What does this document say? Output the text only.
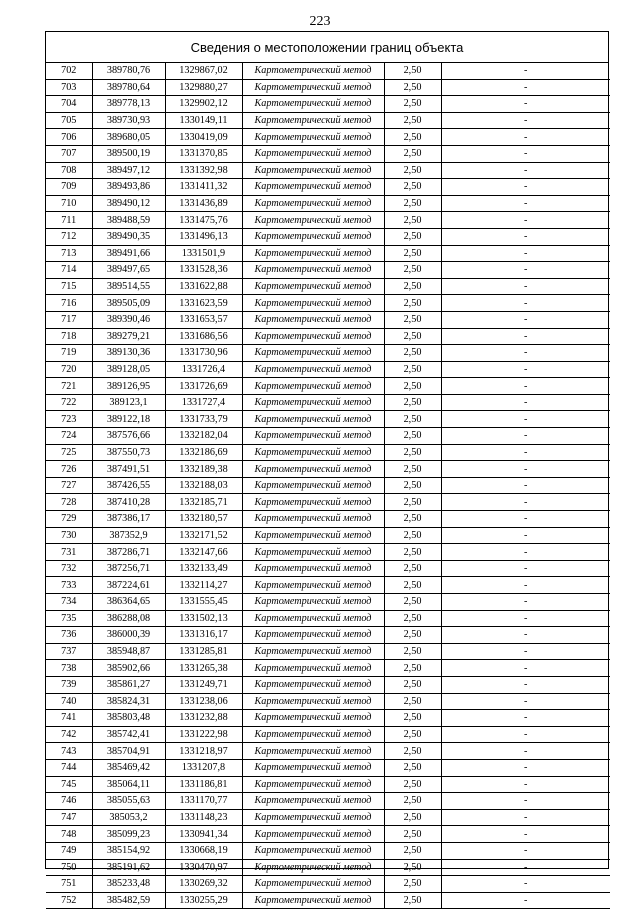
223
Сведения о местоположении границ объекта
702	389780,76	1329867,02	Картометрический метод	2,50	-
703	389780,64	1329880,27	Картометрический метод	2,50	-
704	389778,13	1329902,12	Картометрический метод	2,50	-
705	389730,93	1330149,11	Картометрический метод	2,50	-
706	389680,05	1330419,09	Картометрический метод	2,50	-
707	389500,19	1331370,85	Картометрический метод	2,50	-
708	389497,12	1331392,98	Картометрический метод	2,50	-
709	389493,86	1331411,32	Картометрический метод	2,50	-
710	389490,12	1331436,89	Картометрический метод	2,50	-
711	389488,59	1331475,76	Картометрический метод	2,50	-
712	389490,35	1331496,13	Картометрический метод	2,50	-
713	389491,66	1331501,9	Картометрический метод	2,50	-
714	389497,65	1331528,36	Картометрический метод	2,50	-
715	389514,55	1331622,88	Картометрический метод	2,50	-
716	389505,09	1331623,59	Картометрический метод	2,50	-
717	389390,46	1331653,57	Картометрический метод	2,50	-
718	389279,21	1331686,56	Картометрический метод	2,50	-
719	389130,36	1331730,96	Картометрический метод	2,50	-
720	389128,05	1331726,4	Картометрический метод	2,50	-
721	389126,95	1331726,69	Картометрический метод	2,50	-
722	389123,1	1331727,4	Картометрический метод	2,50	-
723	389122,18	1331733,79	Картометрический метод	2,50	-
724	387576,66	1332182,04	Картометрический метод	2,50	-
725	387550,73	1332186,69	Картометрический метод	2,50	-
726	387491,51	1332189,38	Картометрический метод	2,50	-
727	387426,55	1332188,03	Картометрический метод	2,50	-
728	387410,28	1332185,71	Картометрический метод	2,50	-
729	387386,17	1332180,57	Картометрический метод	2,50	-
730	387352,9	1332171,52	Картометрический метод	2,50	-
731	387286,71	1332147,66	Картометрический метод	2,50	-
732	387256,71	1332133,49	Картометрический метод	2,50	-
733	387224,61	1332114,27	Картометрический метод	2,50	-
734	386364,65	1331555,45	Картометрический метод	2,50	-
735	386288,08	1331502,13	Картометрический метод	2,50	-
736	386000,39	1331316,17	Картометрический метод	2,50	-
737	385948,87	1331285,81	Картометрический метод	2,50	-
738	385902,66	1331265,38	Картометрический метод	2,50	-
739	385861,27	1331249,71	Картометрический метод	2,50	-
740	385824,31	1331238,06	Картометрический метод	2,50	-
741	385803,48	1331232,88	Картометрический метод	2,50	-
742	385742,41	1331222,98	Картометрический метод	2,50	-
743	385704,91	1331218,97	Картометрический метод	2,50	-
744	385469,42	1331207,8	Картометрический метод	2,50	-
745	385064,11	1331186,81	Картометрический метод	2,50	-
746	385055,63	1331170,77	Картометрический метод	2,50	-
747	385053,2	1331148,23	Картометрический метод	2,50	-
748	385099,23	1330941,34	Картометрический метод	2,50	-
749	385154,92	1330668,19	Картометрический метод	2,50	-
750	385191,62	1330470,97	Картометрический метод	2,50	-
751	385233,48	1330269,32	Картометрический метод	2,50	-
752	385482,59	1330255,29	Картометрический метод	2,50	-
